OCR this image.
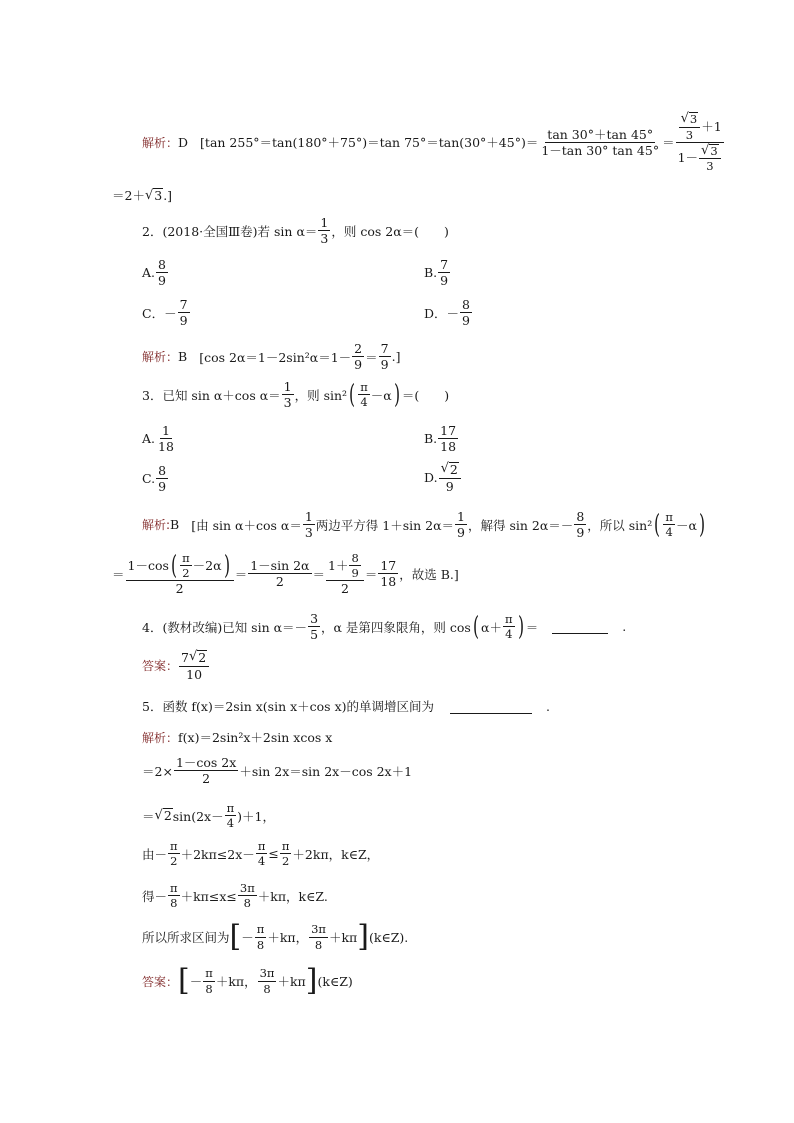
解析： D [tan 255°＝tan(180°＋75°)＝tan $75^\circ=\tan(30^\circ+45^\circ)= \frac{\tan 30^\circ+\tan 45^\circ}{1-\tan 30^\circ \tan 45^\circ} = \frac{\frac{√ 3}{3} +1}{1- \frac{√ 3}{3}}$
＝2＋ √ 3 .]
2．(2018·全国Ⅲ卷)若 $\sin \alpha= \frac{1}{3}$ ，则 cos 2α＝(　　)
A. $\frac{8}{9}$	B. $\frac{7}{9}$
C．－ $\frac{7}{9}$	D．－ $\frac{8}{9}$
解析： B [cos $2\alpha=1-2\sin^2\alpha=1- \frac{2}{9} = \frac{7}{9}$ .]
3．已知 sin α＋cos $\alpha= \frac{1}{3}$ ，则 sin² ( $\frac{\pi}{4} -\alpha$ ) ＝(　　)
A. $\frac{1}{18}$	B. $\frac{17}{18}$
C. $\frac{8}{9}$	D. $\frac{√ 2}{9}$
解析: B [由 sin α＋cos $\alpha= \frac{1}{3}$ 两边平方得 1＋sin $2\alpha= \frac{1}{9}$ ，解得 $\sin 2\alpha=- \frac{8}{9}$ ，所以 sin² ( $\frac{\pi}{4} -\alpha$ )
＝ $\frac{1-\cos ( \frac{\pi}{2} -2\alpha )}{2} = \frac{1-\sin 2\alpha}{2} = \frac{1+ \frac{8}{9}}{2} = \frac{17}{18}$ ，故选 B.]
4．(教材改编)已知 $\sin \alpha=- \frac{3}{5}$ ，α 是第四象限角，则 cos ( $\alpha+ \frac{\pi}{4}$ ) ＝	.
答案： $\frac{7 √ 2}{10}$
5．函数 f(x)＝2sin x(sin x＋cos x)的单调增区间为	.
解析： f(x)＝2sin²x＋2sin xcos x
$=2\times \frac{1-\cos 2x}{2} +\sin$ 2x＝sin 2x－cos 2x＋1
＝ √ 2 $\sin(2x- \frac{\pi}{4} )+1$，
由－ $\frac{\pi}{2} +2k\pi\le 2x- \frac{\pi}{4} \le \frac{\pi}{2} +2k\pi$，k∈Z，
得－ $\frac{\pi}{8} +k\pi\le x\le \frac{3\pi}{8} +k\pi$，k∈Z.
所以所求区间为 [ － $\frac{\pi}{8} +k\pi$， $\frac{3\pi}{8} +k\pi$ ] (k∈Z).
答案： [ － $\frac{\pi}{8} +k\pi$， $\frac{3\pi}{8} +k\pi$ ] (k∈Z)
